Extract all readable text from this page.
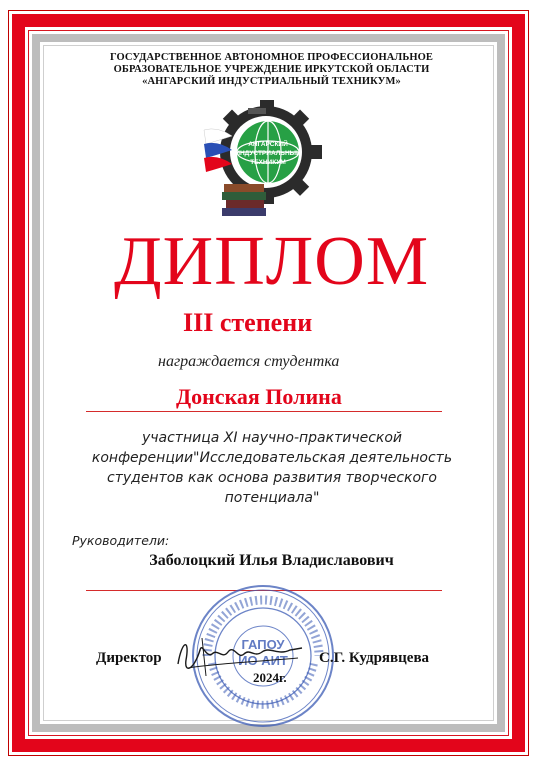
ГОСУДАРСТВЕННОЕ АВТОНОМНОЕ ПРОФЕССИОНАЛЬНОЕ
ОБРАЗОВАТЕЛЬНОЕ УЧРЕЖДЕНИЕ ИРКУТСКОЙ ОБЛАСТИ
«АНГАРСКИЙ ИНДУСТРИАЛЬНЫЙ ТЕХНИКУМ»
АНГАРСКИЙ
ИНДУСТРИАЛЬНЫЙ
ТЕХНИКУМ
ДИПЛОМ
III степени
награждается студентка
Донская Полина
участница XI научно-практической
конференции"Исследовательская деятельность
студентов как основа развития творческого
потенциала"
Руководители:
Заболоцкий Илья Владиславович
ГАПОУ
ИО АИТ
Директор	С.Г. Кудрявцева
2024г.
